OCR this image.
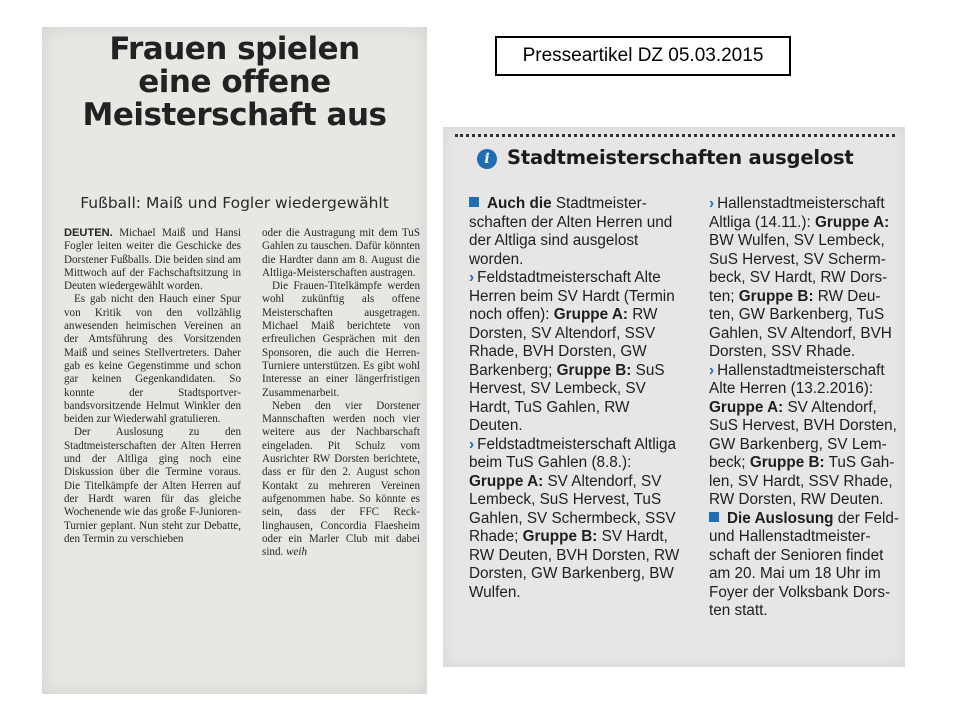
Frauen spielen
eine offene
Meisterschaft aus
Fußball: Maiß und Fogler wiedergewählt

DEUTEN. Michael Maiß und Hansi Fogler leiten weiter die Geschicke des Dorstener Fußballs. Die beiden sind am Mittwoch auf der Fachschaftsitzung in Deuten wiedergewählt worden.

Es gab nicht den Hauch einer Spur von Kritik von den vollzählig anwesenden heimischen Vereinen an der Amtsführung des Vorsitzenden Maiß und seines Stellvertreters. Daher gab es keine Gegenstimme und schon gar keinen Gegenkandidaten. So konnte der Stadtsportverbandsvorsitzende Helmut Winkler den beiden zur Wiederwahl gratulieren.

Der Auslosung zu den Stadtmeisterschaften der Alten Herren und der Altliga ging noch eine Diskussion über die Termine voraus. Die Titelkämpfe der Alten Herren auf der Hardt waren für das gleiche Wochenende wie das große F-Junioren-Turnier geplant. Nun steht zur Debatte, den Termin zu verschieben

oder die Austragung mit dem TuS Gahlen zu tauschen. Dafür könnten die Hardter dann am 8. August die Altliga-Meisterschaften austragen.

Die Frauen-Titelkämpfe werden wohl zukünftig als offene Meisterschaften ausgetragen. Michael Maiß berichtete von erfreulichen Gesprächen mit den Sponsoren, die auch die Herren-Turniere unterstützen. Es gibt wohl Interesse an einer längerfristigen Zusammenarbeit.

Neben den vier Dorstener Mannschaften werden noch vier weitere aus der Nachbarschaft eingeladen. Pit Schulz vom Ausrichter RW Dorsten berichtete, dass er für den 2. August schon Kontakt zu mehreren Vereinen aufgenommen habe. So könnte es sein, dass der FFC Recklinghausen, Concordia Flaesheim oder ein Marler Club mit dabei sind. weih

Presseartikel DZ 05.03.2015
i Stadtmeisterschaften ausgelost

Auch die Stadtmeisterschaften der Alten Herren und der Altliga sind ausgelost worden.

› Feldstadtmeisterschaft Alte Herren beim SV Hardt (Termin noch offen): Gruppe A: RW Dorsten, SV Altendorf, SSV Rhade, BVH Dorsten, GW Barkenberg; Gruppe B: SuS Hervest, SV Lembeck, SV Hardt, TuS Gahlen, RW Deuten.

› Feldstadtmeisterschaft Altliga beim TuS Gahlen (8.8.): Gruppe A: SV Altendorf, SV Lembeck, SuS Hervest, TuS Gahlen, SV Schermbeck, SSV Rhade; Gruppe B: SV Hardt, RW Deuten, BVH Dorsten, RW Dorsten, GW Barkenberg, BW Wulfen.

› Hallenstadtmeisterschaft Altliga (14.11.): Gruppe A: BW Wulfen, SV Lembeck, SuS Hervest, SV Schermbeck, SV Hardt, RW Dorsten; Gruppe B: RW Deuten, GW Barkenberg, TuS Gahlen, SV Altendorf, BVH Dorsten, SSV Rhade.

› Hallenstadtmeisterschaft Alte Herren (13.2.2016): Gruppe A: SV Altendorf, SuS Hervest, BVH Dorsten, GW Barkenberg, SV Lembeck; Gruppe B: TuS Gahlen, SV Hardt, SSV Rhade, RW Dorsten, RW Deuten.

Die Auslosung der Feld- und Hallenstadtmeisterschaft der Senioren findet am 20. Mai um 18 Uhr im Foyer der Volksbank Dorsten statt.
